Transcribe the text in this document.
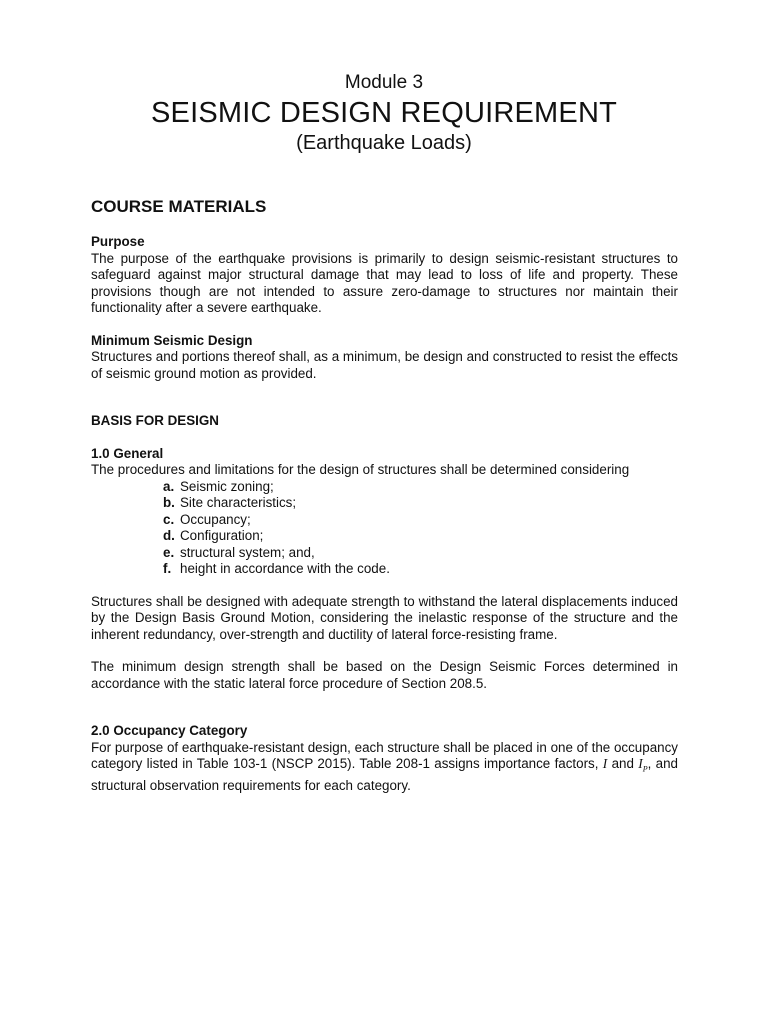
Module 3
SEISMIC DESIGN REQUIREMENT
(Earthquake Loads)
COURSE MATERIALS
Purpose

The purpose of the earthquake provisions is primarily to design seismic-resistant structures to safeguard against major structural damage that may lead to loss of life and property. These provisions though are not intended to assure zero-damage to structures nor maintain their functionality after a severe earthquake.

Minimum Seismic Design

Structures and portions thereof shall, as a minimum, be design and constructed to resist the effects of seismic ground motion as provided.

BASIS FOR DESIGN
1.0 General

The procedures and limitations for the design of structures shall be determined considering

a. Seismic zoning;
b. Site characteristics;
c. Occupancy;
d. Configuration;
e. structural system; and,
f. height in accordance with the code.

Structures shall be designed with adequate strength to withstand the lateral displacements induced by the Design Basis Ground Motion, considering the inelastic response of the structure and the inherent redundancy, over-strength and ductility of lateral force-resisting frame.

The minimum design strength shall be based on the Design Seismic Forces determined in accordance with the static lateral force procedure of Section 208.5.

2.0 Occupancy Category

For purpose of earthquake-resistant design, each structure shall be placed in one of the occupancy category listed in Table 103-1 (NSCP 2015). Table 208-1 assigns importance factors, I and $I_P$, and structural observation requirements for each category.
